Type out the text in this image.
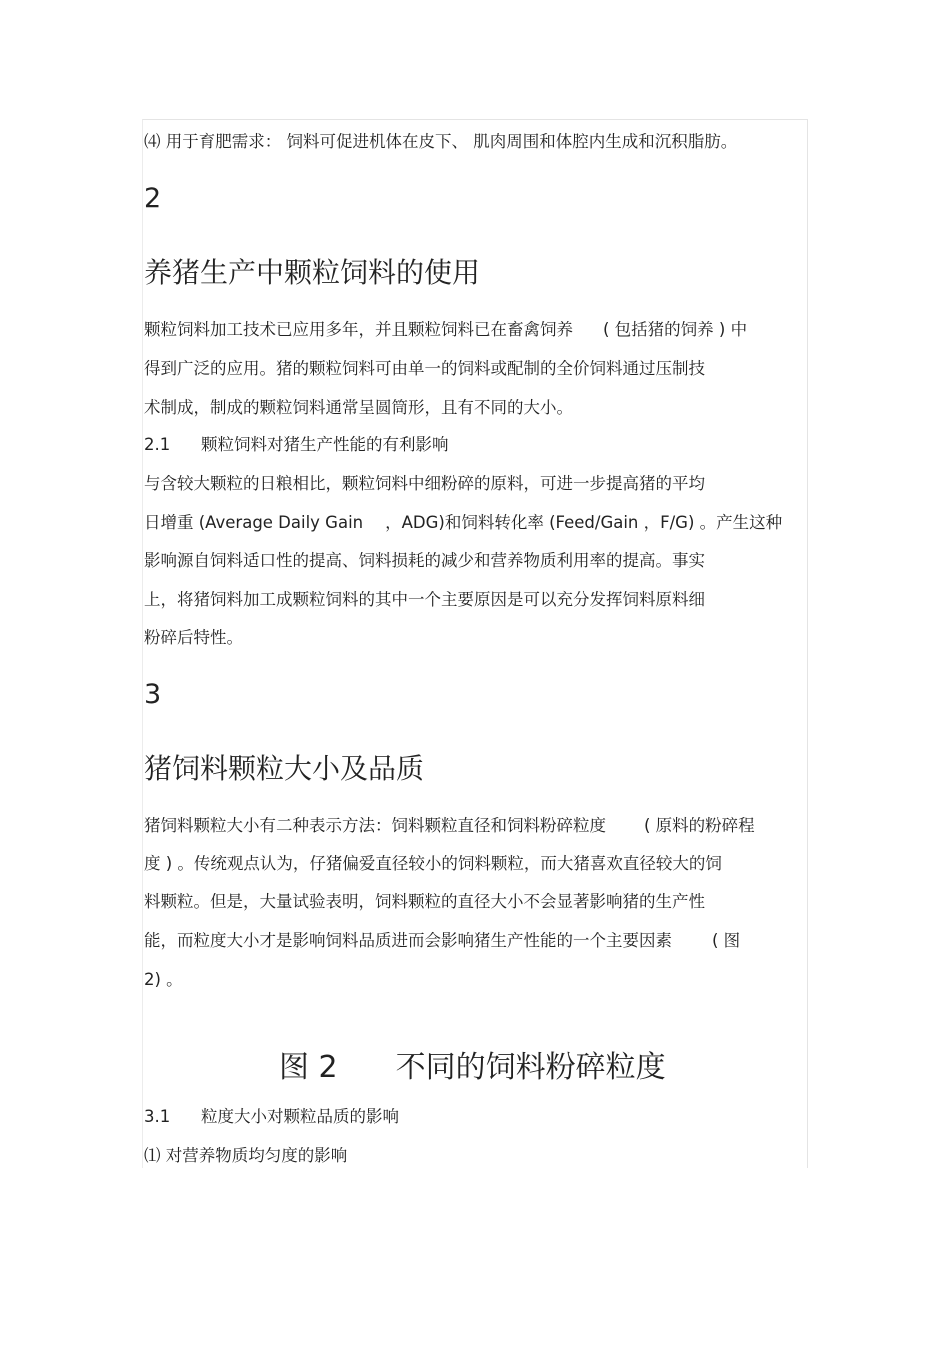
⑷ 用于育肥需求： 饲料可促进机体在皮下、 肌肉周围和体腔内生成和沉积脂肪。
2
养猪生产中颗粒饲料的使用
颗粒饲料加工技术已应用多年，并且颗粒饲料已在畜禽饲养 ( 包括猪的饲养 ) 中
得到广泛的应用。猪的颗粒饲料可由单一的饲料或配制的全价饲料通过压制技
术制成，制成的颗粒饲料通常呈圆筒形，且有不同的大小。
2.1 颗粒饲料对猪生产性能的有利影响
与含较大颗粒的日粮相比，颗粒饲料中细粉碎的原料，可进一步提高猪的平均
日增重 (Average Daily Gain ，ADG)和饲料转化率 (Feed/Gain ，F/G) 。产生这种
影响源自饲料适口性的提高、饲料损耗的减少和营养物质利用率的提高。事实
上，将猪饲料加工成颗粒饲料的其中一个主要原因是可以充分发挥饲料原料细
粉碎后特性。
3
猪饲料颗粒大小及品质
猪饲料颗粒大小有二种表示方法：饲料颗粒直径和饲料粉碎粒度 ( 原料的粉碎程
度 ) 。传统观点认为，仔猪偏爱直径较小的饲料颗粒，而大猪喜欢直径较大的饲
料颗粒。但是，大量试验表明，饲料颗粒的直径大小不会显著影响猪的生产性
能，而粒度大小才是影响饲料品质进而会影响猪生产性能的一个主要因素 ( 图
2) 。
图 2 不同的饲料粉碎粒度
3.1 粒度大小对颗粒品质的影响
⑴ 对营养物质均匀度的影响
